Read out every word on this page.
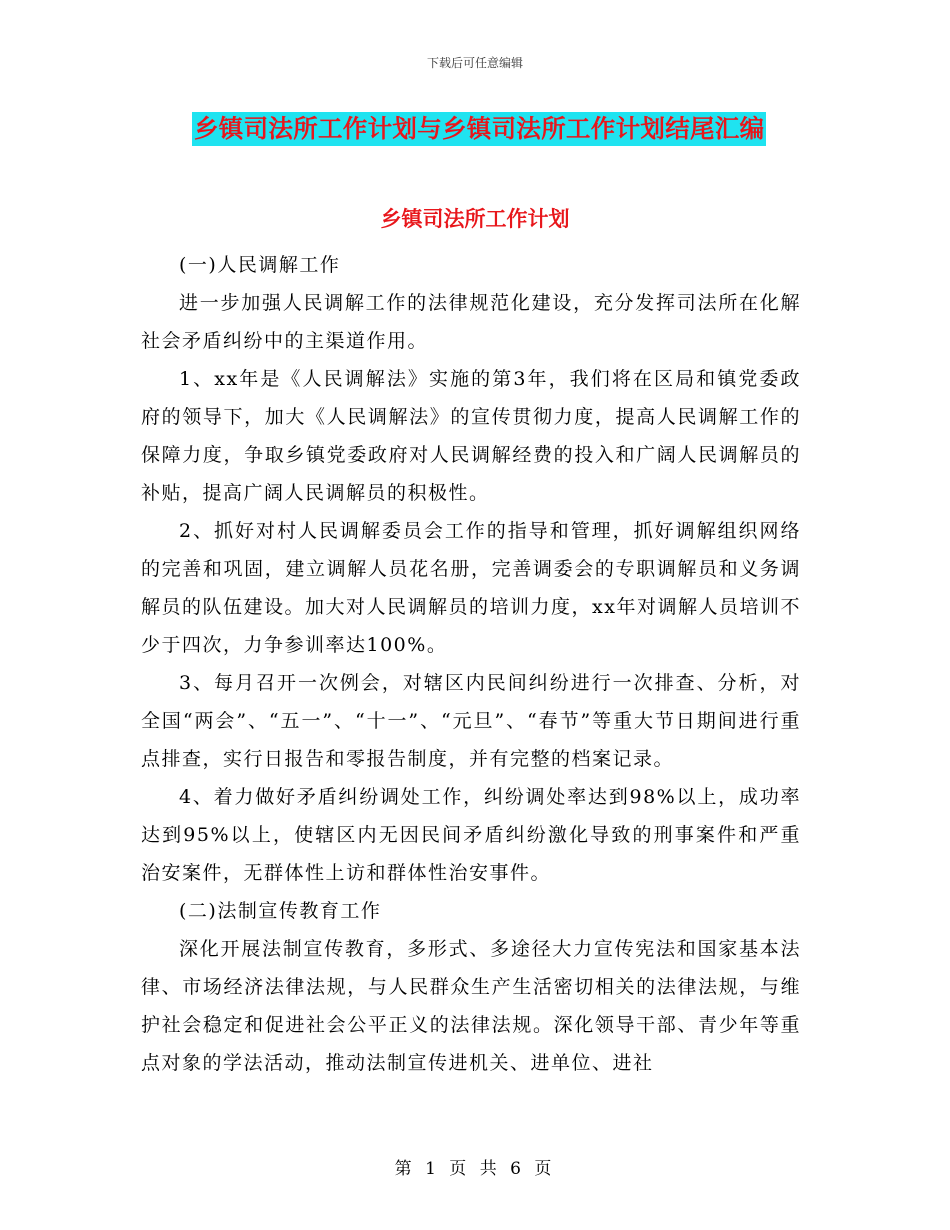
下载后可任意编辑
乡镇司法所工作计划与乡镇司法所工作计划结尾汇编
乡镇司法所工作计划

(一)人民调解工作

进一步加强人民调解工作的法律规范化建设，充分发挥司法所在化解社会矛盾纠纷中的主渠道作用。

1、xx年是《人民调解法》实施的第3年，我们将在区局和镇党委政府的领导下，加大《人民调解法》的宣传贯彻力度，提高人民调解工作的保障力度，争取乡镇党委政府对人民调解经费的投入和广阔人民调解员的补贴，提高广阔人民调解员的积极性。

2、抓好对村人民调解委员会工作的指导和管理，抓好调解组织网络的完善和巩固，建立调解人员花名册，完善调委会的专职调解员和义务调解员的队伍建设。加大对人民调解员的培训力度，xx年对调解人员培训不少于四次，力争参训率达100%。

3、每月召开一次例会，对辖区内民间纠纷进行一次排查、分析，对全国“两会”、“五一”、“十一”、“元旦”、“春节”等重大节日期间进行重点排查，实行日报告和零报告制度，并有完整的档案记录。

4、着力做好矛盾纠纷调处工作，纠纷调处率达到98%以上，成功率达到95%以上，使辖区内无因民间矛盾纠纷激化导致的刑事案件和严重治安案件，无群体性上访和群体性治安事件。

(二)法制宣传教育工作

深化开展法制宣传教育，多形式、多途径大力宣传宪法和国家基本法律、市场经济法律法规，与人民群众生产生活密切相关的法律法规，与维护社会稳定和促进社会公平正义的法律法规。深化领导干部、青少年等重点对象的学法活动，推动法制宣传进机关、进单位、进社

第 1 页 共 6 页
